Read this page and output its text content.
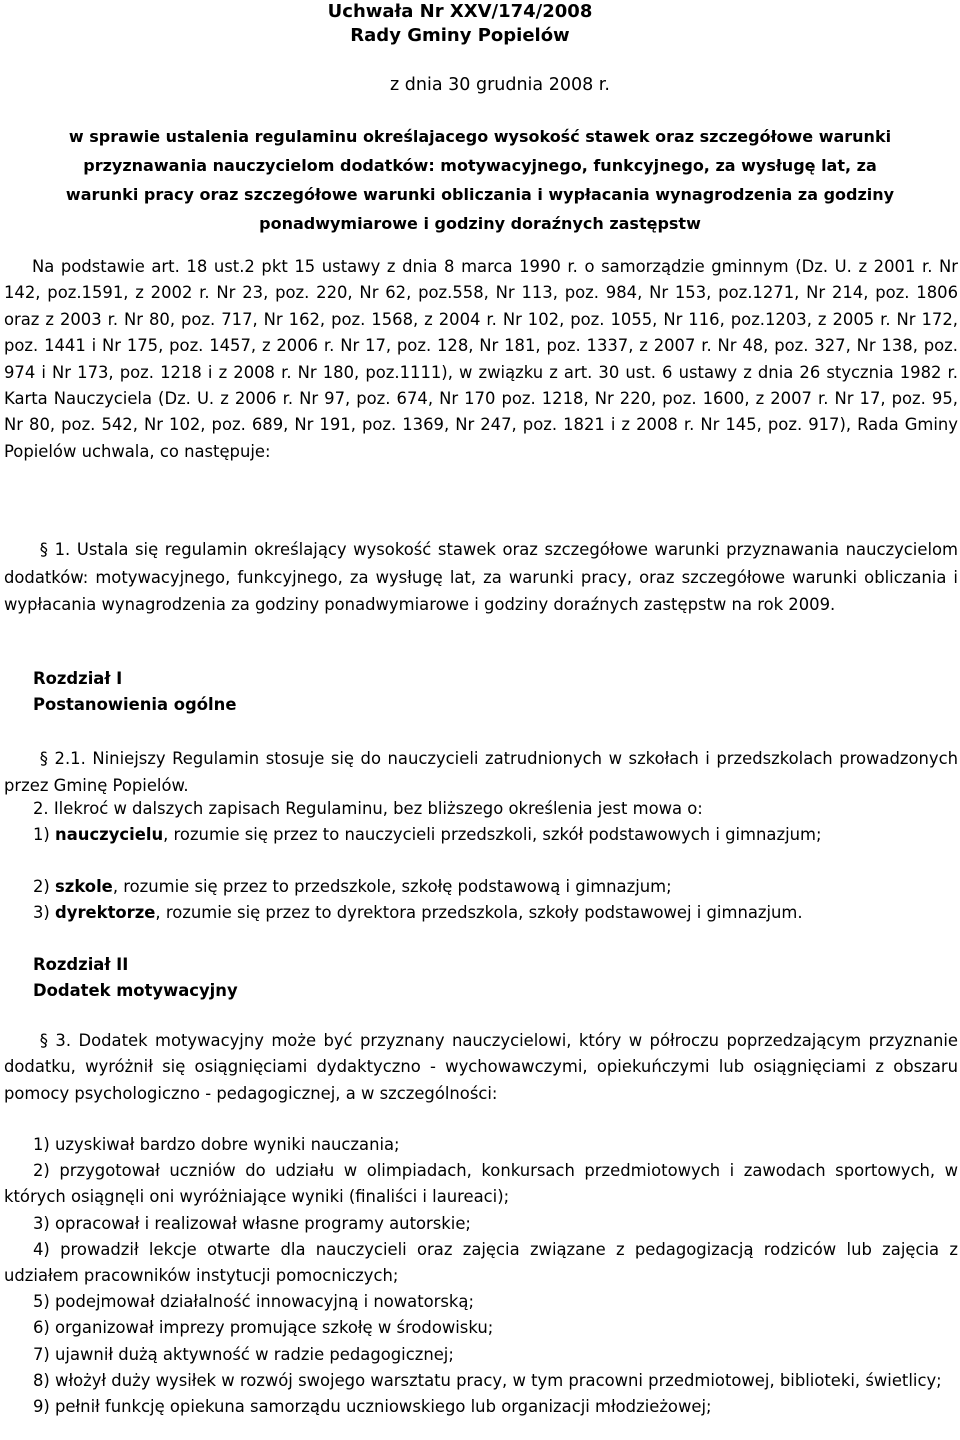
Uchwała Nr XXV/174/2008
Rady Gminy Popielów
z dnia 30 grudnia 2008 r.
w sprawie ustalenia regulaminu określajacego wysokość stawek oraz szczegółowe warunki
przyznawania nauczycielom dodatków: motywacyjnego, funkcyjnego, za wysługę lat, za
warunki pracy oraz szczegółowe warunki obliczania i wypłacania wynagrodzenia za godziny
ponadwymiarowe i godziny doraźnych zastępstw
Na podstawie art. 18 ust.2 pkt 15 ustawy z dnia 8 marca 1990 r. o samorządzie gminnym (Dz. U. z 2001 r. Nr 142, poz.1591, z 2002 r. Nr 23, poz. 220, Nr 62, poz.558, Nr 113, poz. 984, Nr 153, poz.1271, Nr 214, poz. 1806 oraz z 2003 r. Nr 80, poz. 717, Nr 162, poz. 1568, z 2004 r. Nr 102, poz. 1055, Nr 116, poz.1203, z 2005 r. Nr 172, poz. 1441 i Nr 175, poz. 1457, z 2006 r. Nr 17, poz. 128, Nr 181, poz. 1337, z 2007 r. Nr 48, poz. 327, Nr 138, poz. 974 i Nr 173, poz. 1218 i z 2008 r. Nr 180, poz.1111), w związku z art. 30 ust. 6 ustawy z dnia 26 stycznia 1982 r. Karta Nauczyciela (Dz. U. z 2006 r. Nr 97, poz. 674, Nr 170 poz. 1218, Nr 220, poz. 1600, z 2007 r. Nr 17, poz. 95, Nr 80, poz. 542, Nr 102, poz. 689, Nr 191, poz. 1369, Nr 247, poz. 1821 i z 2008 r. Nr 145, poz. 917), Rada Gminy Popielów uchwala, co następuje:
§ 1. Ustala się regulamin określający wysokość stawek oraz szczegółowe warunki przyznawania nauczycielom dodatków: motywacyjnego, funkcyjnego, za wysługę lat, za warunki pracy, oraz szczegółowe warunki obliczania i wypłacania wynagrodzenia za godziny ponadwymiarowe i godziny doraźnych zastępstw na rok 2009.
Rozdział I
Postanowienia ogólne
§ 2.1. Niniejszy Regulamin stosuje się do nauczycieli zatrudnionych w szkołach i przedszkolach prowadzonych przez Gminę Popielów.
2. Ilekroć w dalszych zapisach Regulaminu, bez bliższego określenia jest mowa o:
1) nauczycielu, rozumie się przez to nauczycieli przedszkoli, szkół podstawowych i gimnazjum;
2) szkole, rozumie się przez to przedszkole, szkołę podstawową i gimnazjum;
3) dyrektorze, rozumie się przez to dyrektora przedszkola, szkoły podstawowej i gimnazjum.
Rozdział II
Dodatek motywacyjny
§ 3. Dodatek motywacyjny może być przyznany nauczycielowi, który w półroczu poprzedzającym przyznanie dodatku, wyróżnił się osiągnięciami dydaktyczno - wychowawczymi, opiekuńczymi lub osiągnięciami z obszaru pomocy psychologiczno - pedagogicznej, a w szczególności:
1) uzyskiwał bardzo dobre wyniki nauczania;
2) przygotował uczniów do udziału w olimpiadach, konkursach przedmiotowych i zawodach sportowych, w których osiągnęli oni wyróżniające wyniki (finaliści i laureaci);
3) opracował i realizował własne programy autorskie;
4) prowadził lekcje otwarte dla nauczycieli oraz zajęcia związane z pedagogizacją rodziców lub zajęcia z udziałem pracowników instytucji pomocniczych;
5) podejmował działalność innowacyjną i nowatorską;
6) organizował imprezy promujące szkołę w środowisku;
7) ujawnił dużą aktywność w radzie pedagogicznej;
8) włożył duży wysiłek w rozwój swojego warsztatu pracy, w tym pracowni przedmiotowej, biblioteki, świetlicy;
9) pełnił funkcję opiekuna samorządu uczniowskiego lub organizacji młodzieżowej;
